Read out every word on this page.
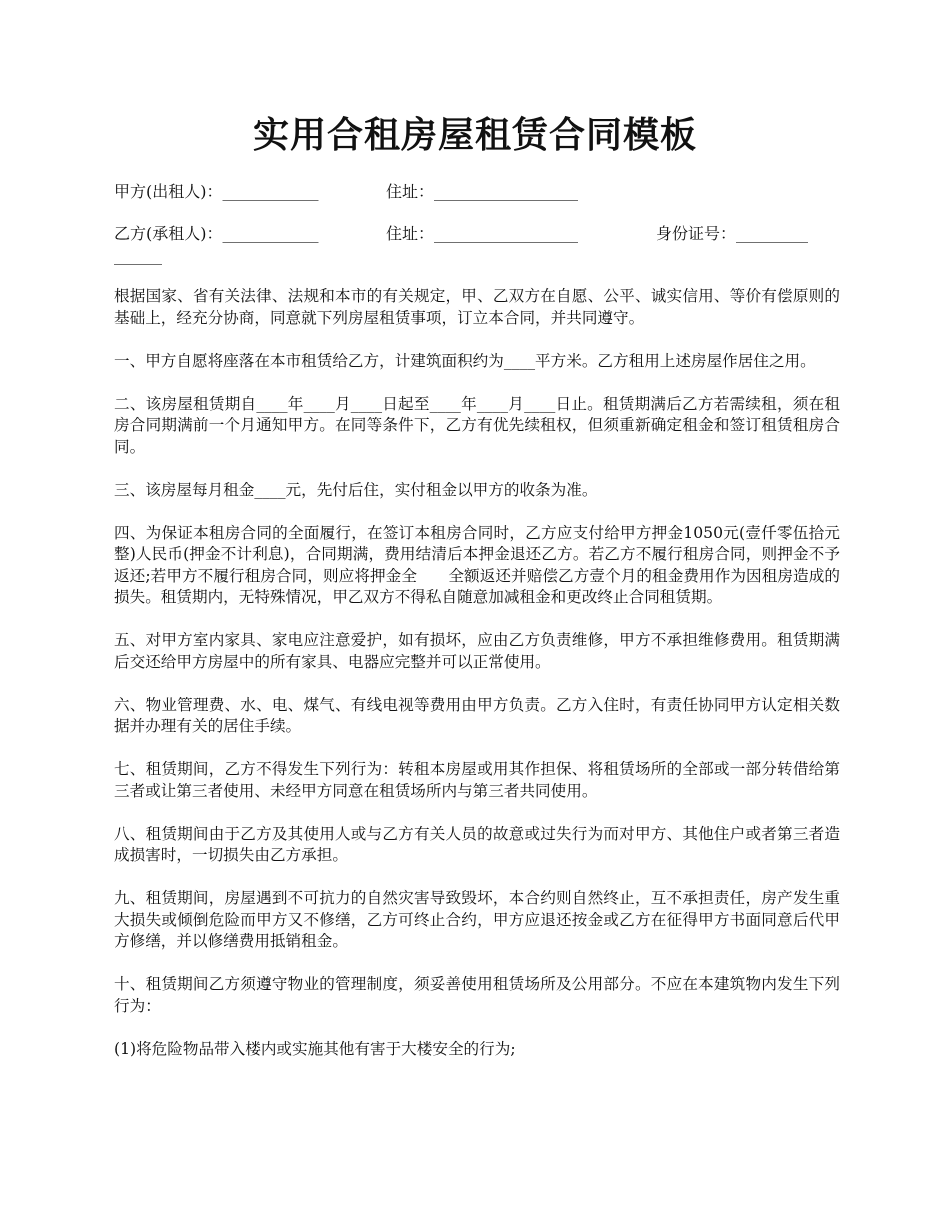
实用合租房屋租赁合同模板
甲方(出租人)：____________	住址：__________________
乙方(承租人)：____________	住址：__________________	身份证号：_________
______

根据国家、省有关法律、法规和本市的有关规定，甲、乙双方在自愿、公平、诚实信用、等价有偿原则的基础上，经充分协商，同意就下列房屋租赁事项，订立本合同，并共同遵守。

一、甲方自愿将座落在本市租赁给乙方，计建筑面积约为____平方米。乙方租用上述房屋作居住之用。

二、该房屋租赁期自____年____月____日起至____年____月____日止。租赁期满后乙方若需续租，须在租房合同期满前一个月通知甲方。在同等条件下，乙方有优先续租权，但须重新确定租金和签订租赁租房合同。

三、该房屋每月租金____元，先付后住，实付租金以甲方的收条为准。

四、为保证本租房合同的全面履行，在签订本租房合同时，乙方应支付给甲方押金1050元(壹仟零伍拾元整)人民币(押金不计利息)，合同期满，费用结清后本押金退还乙方。若乙方不履行租房合同，则押金不予返还;若甲方不履行租房合同，则应将押金全　　全额返还并赔偿乙方壹个月的租金费用作为因租房造成的损失。租赁期内，无特殊情况，甲乙双方不得私自随意加减租金和更改终止合同租赁期。

五、对甲方室内家具、家电应注意爱护，如有损坏，应由乙方负责维修，甲方不承担维修费用。租赁期满后交还给甲方房屋中的所有家具、电器应完整并可以正常使用。

六、物业管理费、水、电、煤气、有线电视等费用由甲方负责。乙方入住时，有责任协同甲方认定相关数据并办理有关的居住手续。

七、租赁期间，乙方不得发生下列行为：转租本房屋或用其作担保、将租赁场所的全部或一部分转借给第三者或让第三者使用、未经甲方同意在租赁场所内与第三者共同使用。

八、租赁期间由于乙方及其使用人或与乙方有关人员的故意或过失行为而对甲方、其他住户或者第三者造成损害时，一切损失由乙方承担。

九、租赁期间，房屋遇到不可抗力的自然灾害导致毁坏，本合约则自然终止，互不承担责任，房产发生重大损失或倾倒危险而甲方又不修缮，乙方可终止合约，甲方应退还按金或乙方在征得甲方书面同意后代甲方修缮，并以修缮费用抵销租金。

十、租赁期间乙方须遵守物业的管理制度，须妥善使用租赁场所及公用部分。不应在本建筑物内发生下列行为：

(1)将危险物品带入楼内或实施其他有害于大楼安全的行为;
